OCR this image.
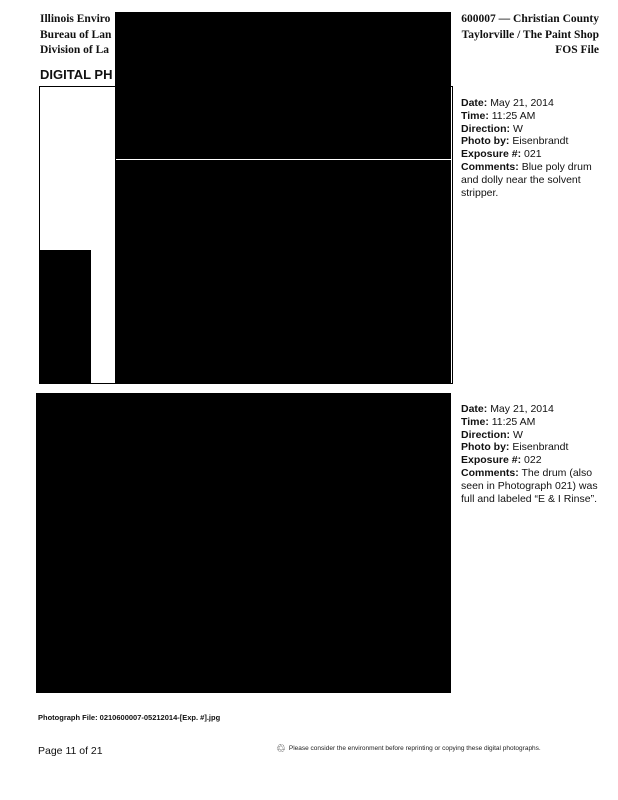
Illinois Enviro
Bureau of Lan
Division of La
600007 — Christian County
Taylorville / The Paint Shop
FOS File
DIGITAL PH
Date: May 21, 2014
Time: 11:25 AM
Direction: W
Photo by: Eisenbrandt
Exposure #: 021
Comments: Blue poly drum and dolly near the solvent stripper.
Date: May 21, 2014
Time: 11:25 AM
Direction: W
Photo by: Eisenbrandt
Exposure #: 022
Comments: The drum (also seen in Photograph 021) was full and labeled “E & I Rinse”.
Photograph File: 0210600007-05212014-[Exp. #].jpg
Page 11 of 21	♲ Please consider the environment before reprinting or copying these digital photographs.
